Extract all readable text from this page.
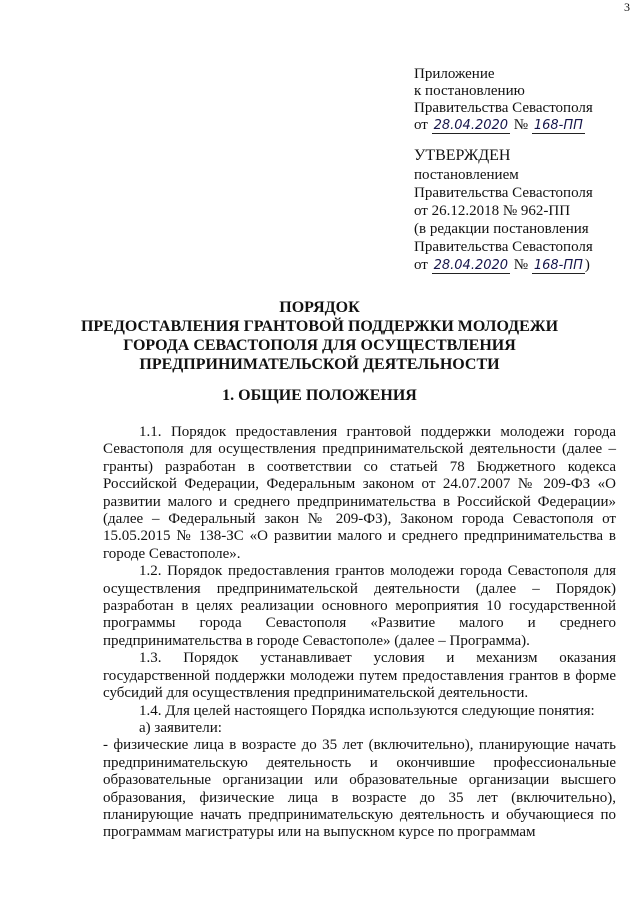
3
Приложение
к постановлению
Правительства Севастополя
от 28.04.2020 № 168-ПП
УТВЕРЖДЕН
постановлением
Правительства Севастополя
от 26.12.2018 № 962-ПП
(в редакции постановления
Правительства Севастополя
от 28.04.2020 № 168-ПП )
ПОРЯДОК
ПРЕДОСТАВЛЕНИЯ ГРАНТОВОЙ ПОДДЕРЖКИ МОЛОДЕЖИ
ГОРОДА СЕВАСТОПОЛЯ ДЛЯ ОСУЩЕСТВЛЕНИЯ
ПРЕДПРИНИМАТЕЛЬСКОЙ ДЕЯТЕЛЬНОСТИ
1. ОБЩИЕ ПОЛОЖЕНИЯ

1.1. Порядок предоставления грантовой поддержки молодежи города Севастополя для осуществления предпринимательской деятельности (далее – гранты) разработан в соответствии со статьей 78 Бюджетного кодекса Российской Федерации, Федеральным законом от 24.07.2007 № 209-ФЗ «О развитии малого и среднего предпринимательства в Российской Федерации» (далее – Федеральный закон № 209-ФЗ), Законом города Севастополя от 15.05.2015 № 138-ЗС «О развитии малого и среднего предпринимательства в городе Севастополе».

1.2. Порядок предоставления грантов молодежи города Севастополя для осуществления предпринимательской деятельности (далее – Порядок) разработан в целях реализации основного мероприятия 10 государственной программы города Севастополя «Развитие малого и среднего предпринимательства в городе Севастополе» (далее – Программа).

1.3. Порядок устанавливает условия и механизм оказания государственной поддержки молодежи путем предоставления грантов в форме субсидий для осуществления предпринимательской деятельности.

1.4. Для целей настоящего Порядка используются следующие понятия:

а) заявители:

- физические лица в возрасте до 35 лет (включительно), планирующие начать предпринимательскую деятельность и окончившие профессиональные образовательные организации или образовательные организации высшего образования, физические лица в возрасте до 35 лет (включительно), планирующие начать предпринимательскую деятельность и обучающиеся по программам магистратуры или на выпускном курсе по программам
